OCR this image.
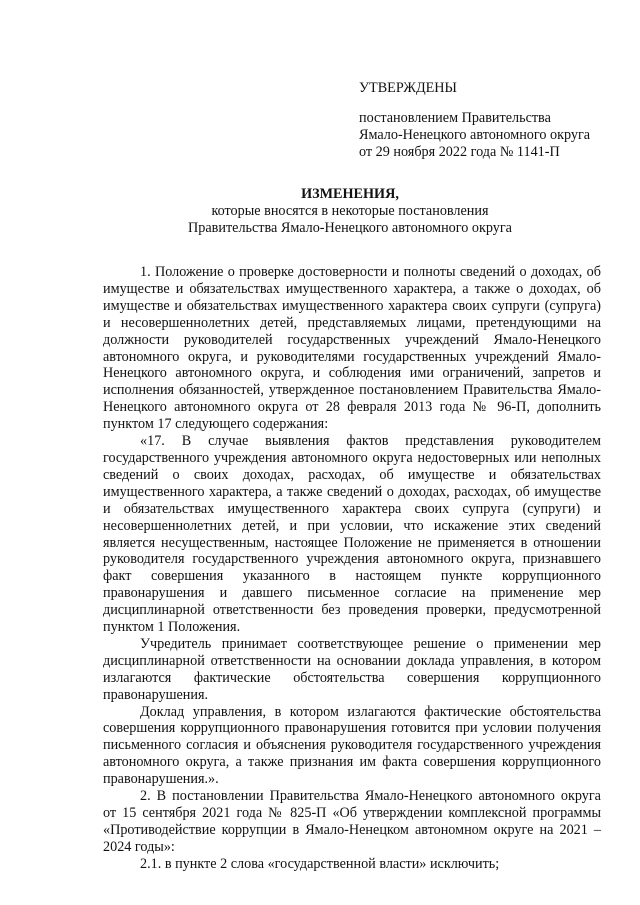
УТВЕРЖДЕНЫ
постановлением Правительства
Ямало-Ненецкого автономного округа
от 29 ноября 2022 года № 1141-П
ИЗМЕНЕНИЯ,
которые вносятся в некоторые постановления
Правительства Ямало-Ненецкого автономного округа

1. Положение о проверке достоверности и полноты сведений о доходах, об имуществе и обязательствах имущественного характера, а также о доходах, об имуществе и обязательствах имущественного характера своих супруги (супруга) и несовершеннолетних детей, представляемых лицами, претендующими на должности руководителей государственных учреждений Ямало-Ненецкого автономного округа, и руководителями государственных учреждений Ямало-Ненецкого автономного округа, и соблюдения ими ограничений, запретов и исполнения обязанностей, утвержденное постановлением Правительства Ямало-Ненецкого автономного округа от 28 февраля 2013 года № 96-П, дополнить пунктом 17 следующего содержания:

«17. В случае выявления фактов представления руководителем государственного учреждения автономного округа недостоверных или неполных сведений о своих доходах, расходах, об имуществе и обязательствах имущественного характера, а также сведений о доходах, расходах, об имуществе и обязательствах имущественного характера своих супруга (супруги) и несовершеннолетних детей, и при условии, что искажение этих сведений является несущественным, настоящее Положение не применяется в отношении руководителя государственного учреждения автономного округа, признавшего факт совершения указанного в настоящем пункте коррупционного правонарушения и давшего письменное согласие на применение мер дисциплинарной ответственности без проведения проверки, предусмотренной пунктом 1 Положения.

Учредитель принимает соответствующее решение о применении мер дисциплинарной ответственности на основании доклада управления, в котором излагаются фактические обстоятельства совершения коррупционного правонарушения.

Доклад управления, в котором излагаются фактические обстоятельства совершения коррупционного правонарушения готовится при условии получения письменного согласия и объяснения руководителя государственного учреждения автономного округа, а также признания им факта совершения коррупционного правонарушения.».

2. В постановлении Правительства Ямало-Ненецкого автономного округа от 15 сентября 2021 года № 825-П «Об утверждении комплексной программы «Противодействие коррупции в Ямало-Ненецком автономном округе на 2021 – 2024 годы»:

2.1. в пункте 2 слова «государственной власти» исключить;
